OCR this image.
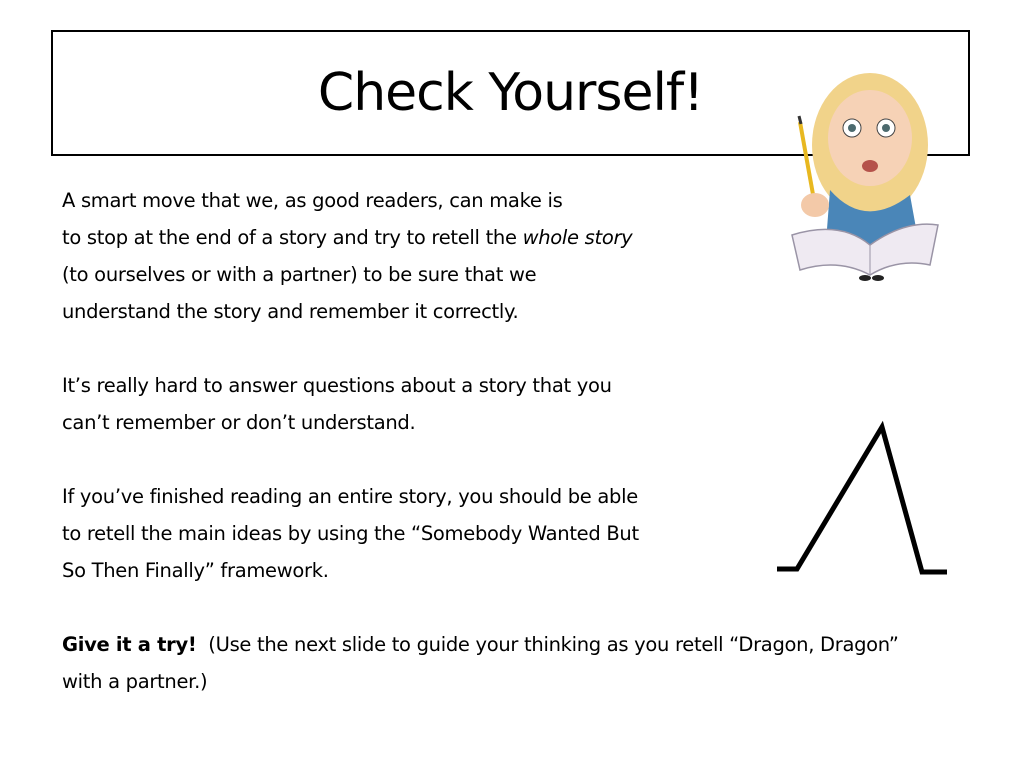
Check Yourself!

A smart move that we, as good readers, can make is

to stop at the end of a story and try to retell the whole story

(to ourselves or with a partner) to be sure that we

understand the story and remember it correctly.

It’s really hard to answer questions about a story that you

can’t remember or don’t understand.

If you’ve finished reading an entire story, you should be able

to retell the main ideas by using the “Somebody Wanted But

So Then Finally” framework.

Give it a try!  (Use the next slide to guide your thinking as you retell “Dragon, Dragon”

with a partner.)
